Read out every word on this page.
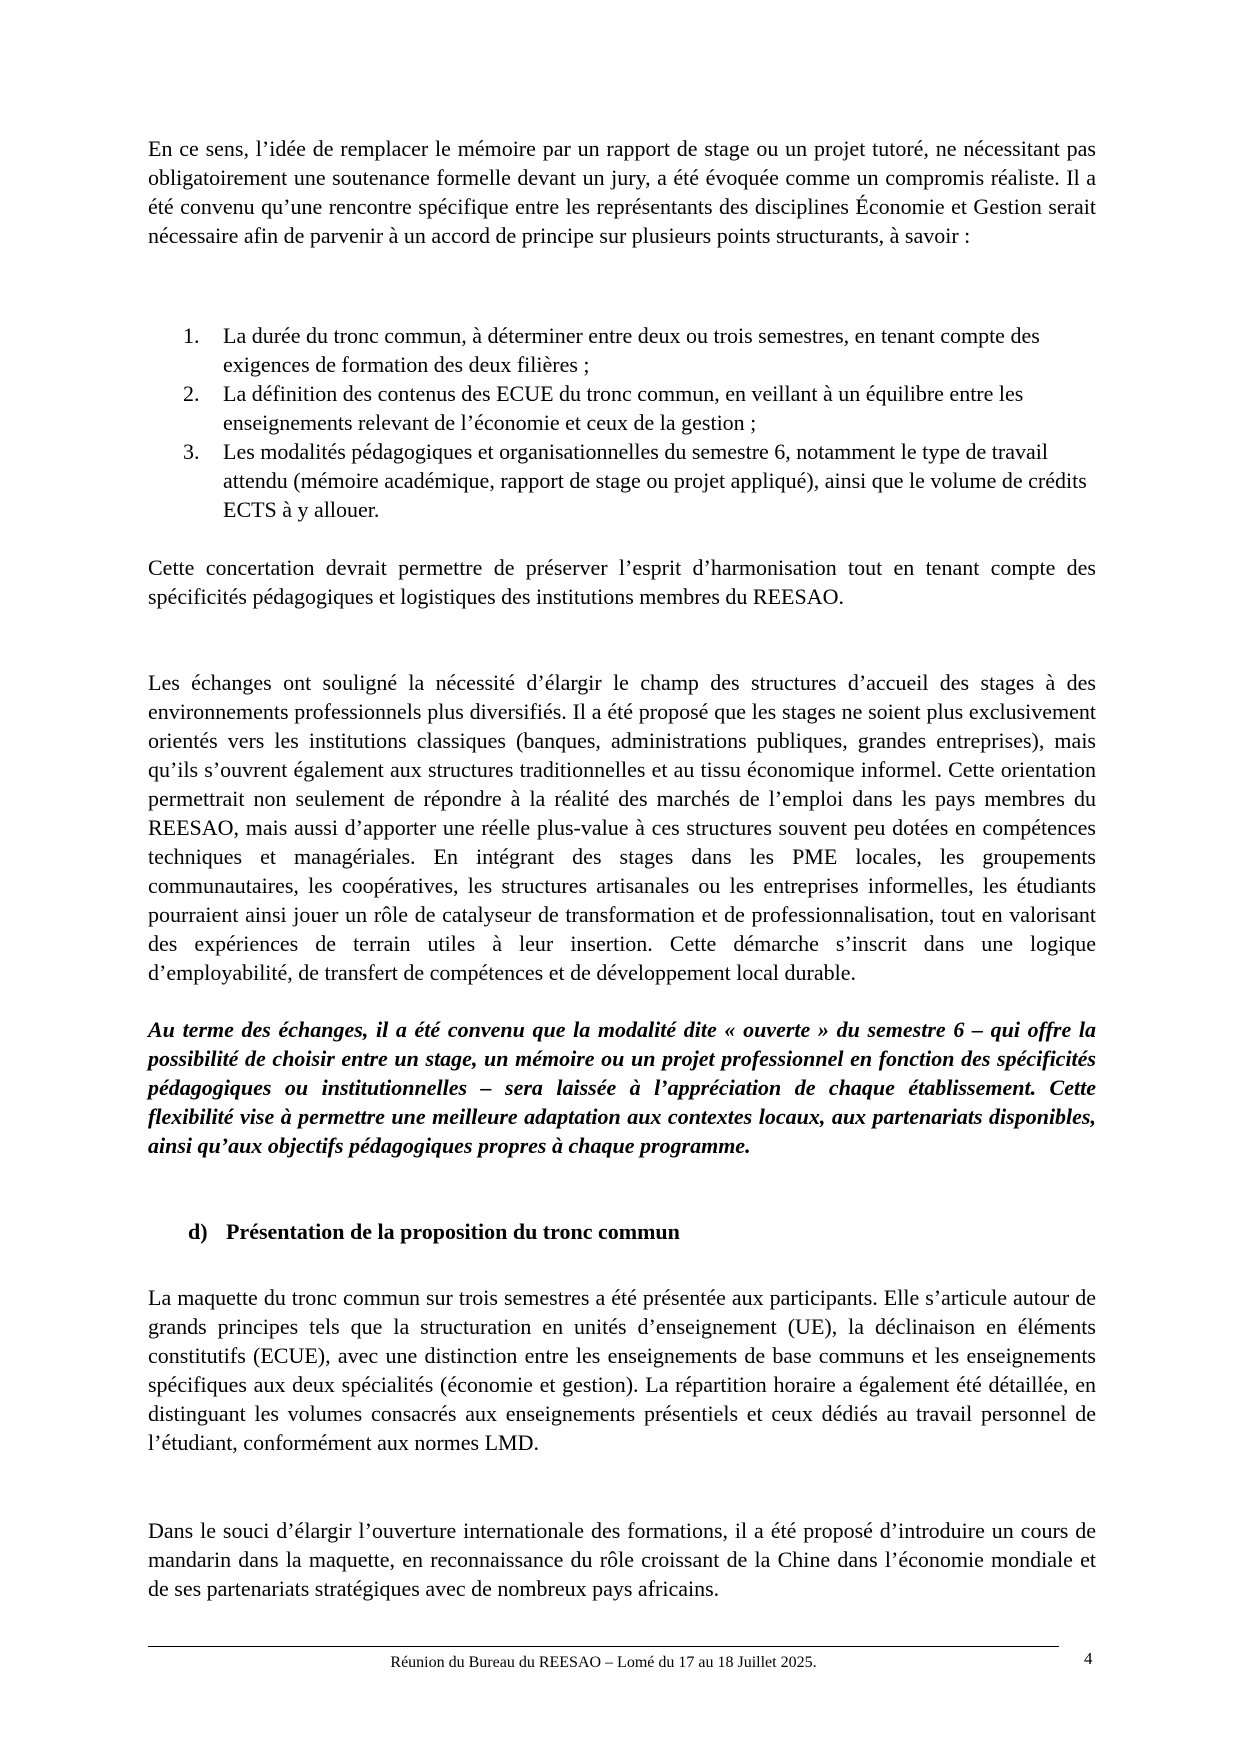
En ce sens, l’idée de remplacer le mémoire par un rapport de stage ou un projet tutoré, ne nécessitant pas obligatoirement une soutenance formelle devant un jury, a été évoquée comme un compromis réaliste. Il a été convenu qu’une rencontre spécifique entre les représentants des disciplines Économie et Gestion serait nécessaire afin de parvenir à un accord de principe sur plusieurs points structurants, à savoir :

1.	La durée du tronc commun, à déterminer entre deux ou trois semestres, en tenant compte des exigences de formation des deux filières ;
2.	La définition des contenus des ECUE du tronc commun, en veillant à un équilibre entre les enseignements relevant de l’économie et ceux de la gestion ;
3.	Les modalités pédagogiques et organisationnelles du semestre 6, notamment le type de travail attendu (mémoire académique, rapport de stage ou projet appliqué), ainsi que le volume de crédits ECTS à y allouer.

Cette concertation devrait permettre de préserver l’esprit d’harmonisation tout en tenant compte des spécificités pédagogiques et logistiques des institutions membres du REESAO.

Les échanges ont souligné la nécessité d’élargir le champ des structures d’accueil des stages à des environnements professionnels plus diversifiés. Il a été proposé que les stages ne soient plus exclusivement orientés vers les institutions classiques (banques, administrations publiques, grandes entreprises), mais qu’ils s’ouvrent également aux structures traditionnelles et au tissu économique informel. Cette orientation permettrait non seulement de répondre à la réalité des marchés de l’emploi dans les pays membres du REESAO, mais aussi d’apporter une réelle plus-value à ces structures souvent peu dotées en compétences techniques et managériales. En intégrant des stages dans les PME locales, les groupements communautaires, les coopératives, les structures artisanales ou les entreprises informelles, les étudiants pourraient ainsi jouer un rôle de catalyseur de transformation et de professionnalisation, tout en valorisant des expériences de terrain utiles à leur insertion. Cette démarche s’inscrit dans une logique d’employabilité, de transfert de compétences et de développement local durable.

Au terme des échanges, il a été convenu que la modalité dite « ouverte » du semestre 6 – qui offre la possibilité de choisir entre un stage, un mémoire ou un projet professionnel en fonction des spécificités pédagogiques ou institutionnelles – sera laissée à l’appréciation de chaque établissement. Cette flexibilité vise à permettre une meilleure adaptation aux contextes locaux, aux partenariats disponibles, ainsi qu’aux objectifs pédagogiques propres à chaque programme.

d) Présentation de la proposition du tronc commun

La maquette du tronc commun sur trois semestres a été présentée aux participants. Elle s’articule autour de grands principes tels que la structuration en unités d’enseignement (UE), la déclinaison en éléments constitutifs (ECUE), avec une distinction entre les enseignements de base communs et les enseignements spécifiques aux deux spécialités (économie et gestion). La répartition horaire a également été détaillée, en distinguant les volumes consacrés aux enseignements présentiels et ceux dédiés au travail personnel de l’étudiant, conformément aux normes LMD.

Dans le souci d’élargir l’ouverture internationale des formations, il a été proposé d’introduire un cours de mandarin dans la maquette, en reconnaissance du rôle croissant de la Chine dans l’économie mondiale et de ses partenariats stratégiques avec de nombreux pays africains.

Réunion du Bureau du REESAO – Lomé du 17 au 18 Juillet 2025.	4
